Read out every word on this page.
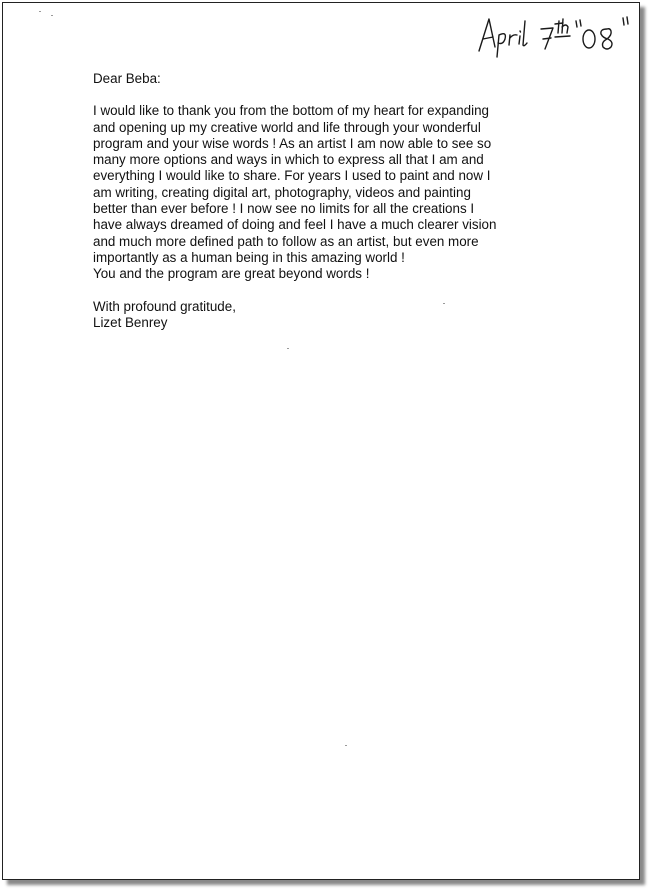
Dear Beba:

I would like to thank you from the bottom of my heart for expanding

and opening up my creative world and life through your wonderful

program and your wise words ! As an artist I am now able to see so

many more options and ways in which to express all that I am and

everything I would like to share. For years I used to paint and now I

am writing, creating digital art, photography, videos and painting

better than ever before ! I now see no limits for all the creations I

have always dreamed of doing and feel I have a much clearer vision

and much more defined path to follow as an artist, but even more

importantly as a human being in this amazing world !

You and the program are great beyond words !

With profound gratitude,

Lizet Benrey
